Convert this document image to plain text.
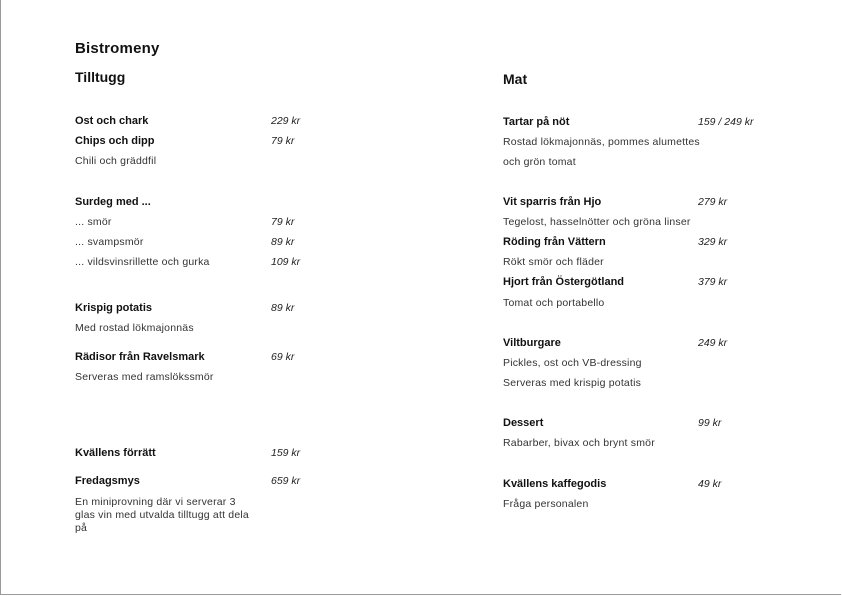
Bistromeny
Tilltugg
Ost och chark	229 kr
Chips och dipp	79 kr
Chili och gräddfil
Surdeg med ...
... smör	79 kr
... svampsmör	89 kr
... vildsvinsrillette och gurka	109 kr
Krispig potatis	89 kr
Med rostad lökmajonnäs
Rädisor från Ravelsmark	69 kr
Serveras med ramslökssmör
Kvällens förrätt	159 kr
Fredagsmys	659 kr
En miniprovning där vi serverar 3 glas vin med utvalda tilltugg att dela på
Mat
Tartar på nöt	159 / 249 kr
Rostad lökmajonnäs, pommes alumettes
och grön tomat
Vit sparris från Hjo	279 kr
Tegelost, hasselnötter och gröna linser
Röding från Vättern	329 kr
Rökt smör och fläder
Hjort från Östergötland	379 kr
Tomat och portabello
Viltburgare	249 kr
Pickles, ost och VB-dressing
Serveras med krispig potatis
Dessert	99 kr
Rabarber, bivax och brynt smör
Kvällens kaffegodis	49 kr
Fråga personalen
